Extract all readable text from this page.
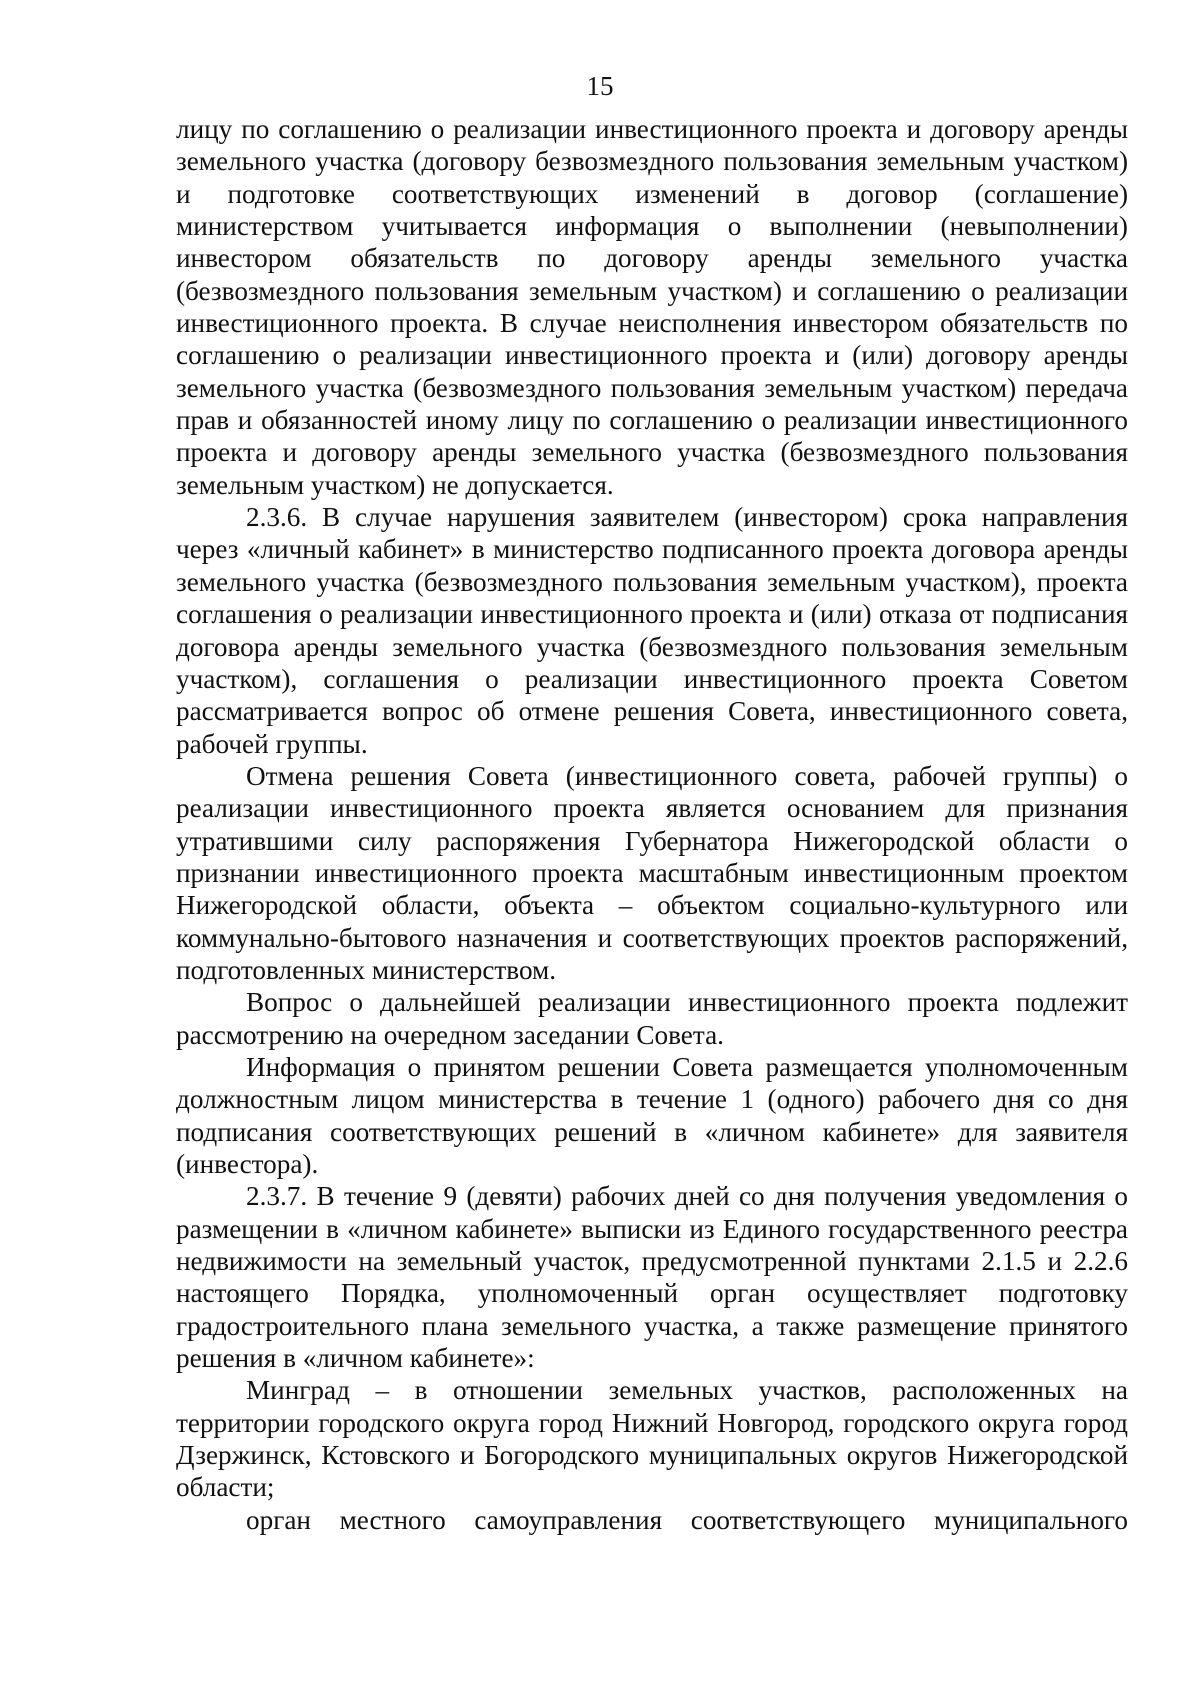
15

лицу по соглашению о реализации инвестиционного проекта и договору аренды земельного участка (договору безвозмездного пользования земельным участком) и подготовке соответствующих изменений в договор (соглашение) министерством учитывается информация о выполнении (невыполнении) инвестором обязательств по договору аренды земельного участка (безвозмездного пользования земельным участком) и соглашению о реализации инвестиционного проекта. В случае неисполнения инвестором обязательств по соглашению о реализации инвестиционного проекта и (или) договору аренды земельного участка (безвозмездного пользования земельным участком) передача прав и обязанностей иному лицу по соглашению о реализации инвестиционного проекта и договору аренды земельного участка (безвозмездного пользования земельным участком) не допускается.

2.3.6. В случае нарушения заявителем (инвестором) срока направления через «личный кабинет» в министерство подписанного проекта договора аренды земельного участка (безвозмездного пользования земельным участком), проекта соглашения о реализации инвестиционного проекта и (или) отказа от подписания договора аренды земельного участка (безвозмездного пользования земельным участком), соглашения о реализации инвестиционного проекта Советом рассматривается вопрос об отмене решения Совета, инвестиционного совета, рабочей группы.

Отмена решения Совета (инвестиционного совета, рабочей группы) о реализации инвестиционного проекта является основанием для признания утратившими силу распоряжения Губернатора Нижегородской области о признании инвестиционного проекта масштабным инвестиционным проектом Нижегородской области, объекта – объектом социально-культурного или коммунально-бытового назначения и соответствующих проектов распоряжений, подготовленных министерством.

Вопрос о дальнейшей реализации инвестиционного проекта подлежит рассмотрению на очередном заседании Совета.

Информация о принятом решении Совета размещается уполномоченным должностным лицом министерства в течение 1 (одного) рабочего дня со дня подписания соответствующих решений в «личном кабинете» для заявителя (инвестора).

2.3.7. В течение 9 (девяти) рабочих дней со дня получения уведомления о размещении в «личном кабинете» выписки из Единого государственного реестра недвижимости на земельный участок, предусмотренной пунктами 2.1.5 и 2.2.6 настоящего Порядка, уполномоченный орган осуществляет подготовку градостроительного плана земельного участка, а также размещение принятого решения в «личном кабинете»:

Минград – в отношении земельных участков, расположенных на территории городского округа город Нижний Новгород, городского округа город Дзержинск, Кстовского и Богородского муниципальных округов Нижегородской области;

орган местного самоуправления соответствующего муниципального
